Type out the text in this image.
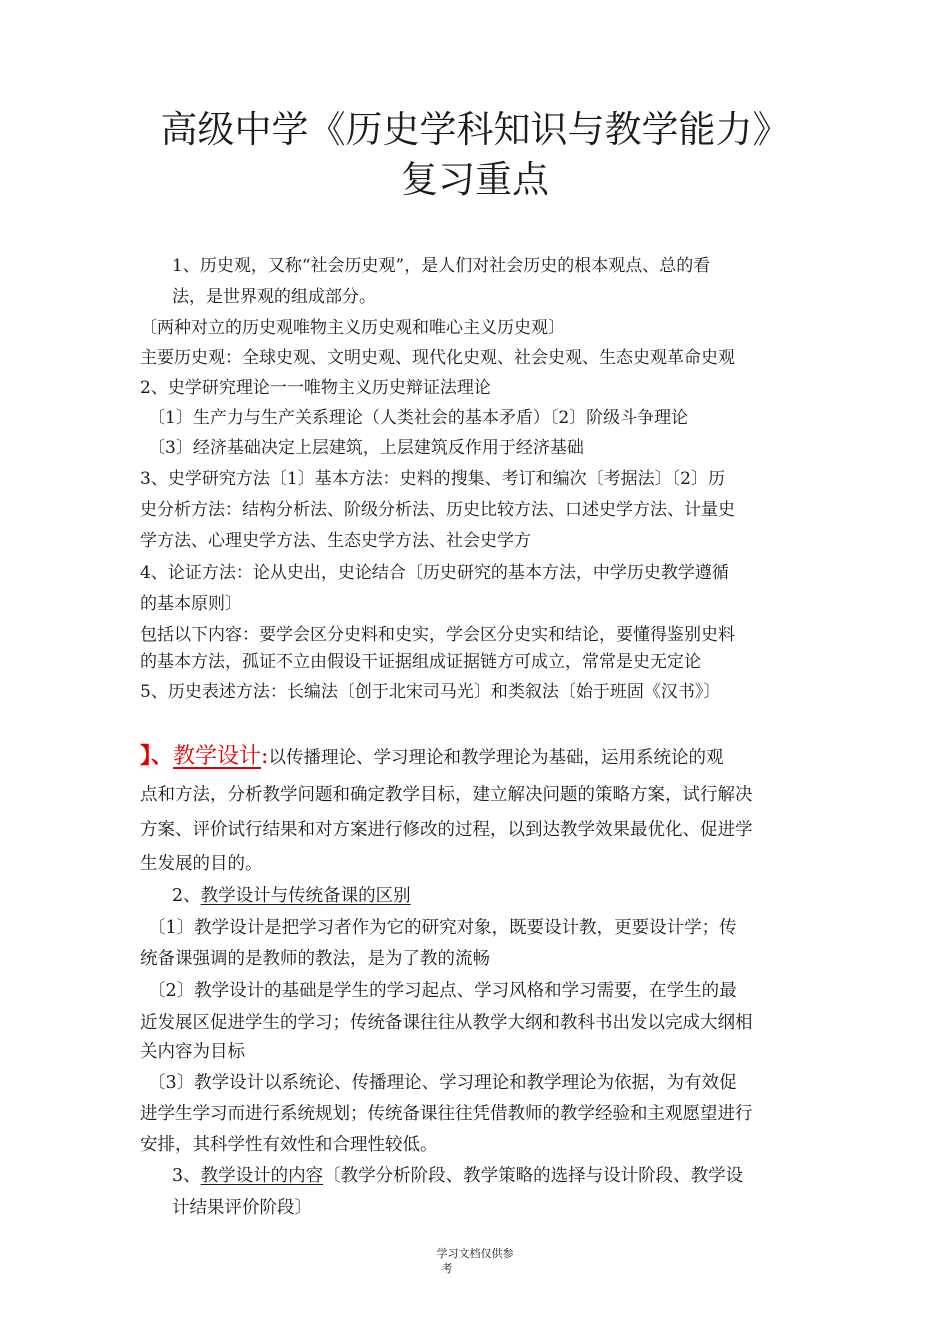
高级中学《历史学科知识与教学能力》
复习重点
1、历史观，又称“社会历史观”，是人们对社会历史的根本观点、总的看
法，是世界观的组成部分。
〔两种对立的历史观唯物主义历史观和唯心主义历史观〕
主要历史观：全球史观、文明史观、现代化史观、社会史观、生态史观革命史观
2、史学研究理论一一唯物主义历史辩证法理论
〔1〕生产力与生产关系理论（人类社会的基本矛盾）〔2〕阶级斗争理论
〔3〕经济基础决定上层建筑，上层建筑反作用于经济基础
3、史学研究方法〔1〕基本方法：史料的搜集、考订和编次〔考据法〕〔2〕历
史分析方法：结构分析法、阶级分析法、历史比较方法、口述史学方法、计量史
学方法、心理史学方法、生态史学方法、社会史学方
4、论证方法：论从史出，史论结合〔历史研究的基本方法，中学历史教学遵循
的基本原则〕
包括以下内容：要学会区分史料和史实，学会区分史实和结论，要懂得鉴别史料
的基本方法，孤证不立由假设干证据组成证据链方可成立，常常是史无定论
5、历史表述方法：长编法〔创于北宋司马光〕和类叙法〔始于班固《汉书》〕
】、教学设计:以传播理论、学习理论和教学理论为基础，运用系统论的观
点和方法，分析教学问题和确定教学目标，建立解决问题的策略方案，试行解决
方案、评价试行结果和对方案进行修改的过程，以到达教学效果最优化、促进学
生发展的目的。
2、教学设计与传统备课的区别
〔1〕教学设计是把学习者作为它的研究对象，既要设计教，更要设计学；传
统备课强调的是教师的教法，是为了教的流畅
〔2〕教学设计的基础是学生的学习起点、学习风格和学习需要，在学生的最
近发展区促进学生的学习；传统备课往往从教学大纲和教科书出发以完成大纲相
关内容为目标
〔3〕教学设计以系统论、传播理论、学习理论和教学理论为依据，为有效促
进学生学习而进行系统规划；传统备课往往凭借教师的教学经验和主观愿望进行
安排，其科学性有效性和合理性较低。
3、教学设计的内容〔教学分析阶段、教学策略的选择与设计阶段、教学设
计结果评价阶段〕
学习文档仅供参
考
